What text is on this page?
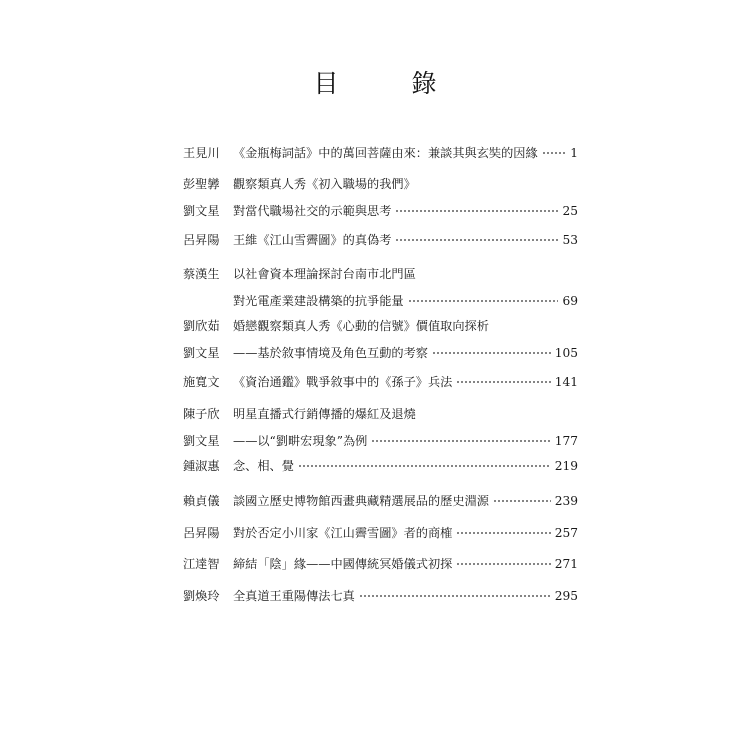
目　錄
王見川	《金瓶梅詞話》中的萬回菩薩由來：兼談其與玄奘的因緣	1
彭聖㝈	觀察類真人秀《初入職場的我們》
劉文星	對當代職場社交的示範與思考	25
呂昇陽	王維《江山雪霽圖》的真偽考	53
蔡漢生	以社會資本理論探討台南市北門區
對光電產業建設構築的抗爭能量	69
劉欣茹	婚戀觀察類真人秀《心動的信號》價值取向探析
劉文星	——基於敘事情境及角色互動的考察	105
施寬文	《資治通鑑》戰爭敘事中的《孫子》兵法	141
陳子欣	明星直播式行銷傳播的爆紅及退燒
劉文星	——以“劉畊宏現象”為例	177
鍾淑惠	念、相、覺	219
賴貞儀	談國立歷史博物館西畫典藏精選展品的歷史淵源	239
呂昇陽	對於否定小川家《江山霽雪圖》者的商榷	257
江達智	締結「陰」緣——中國傳統冥婚儀式初探	271
劉煥玲	全真道王重陽傳法七真	295
